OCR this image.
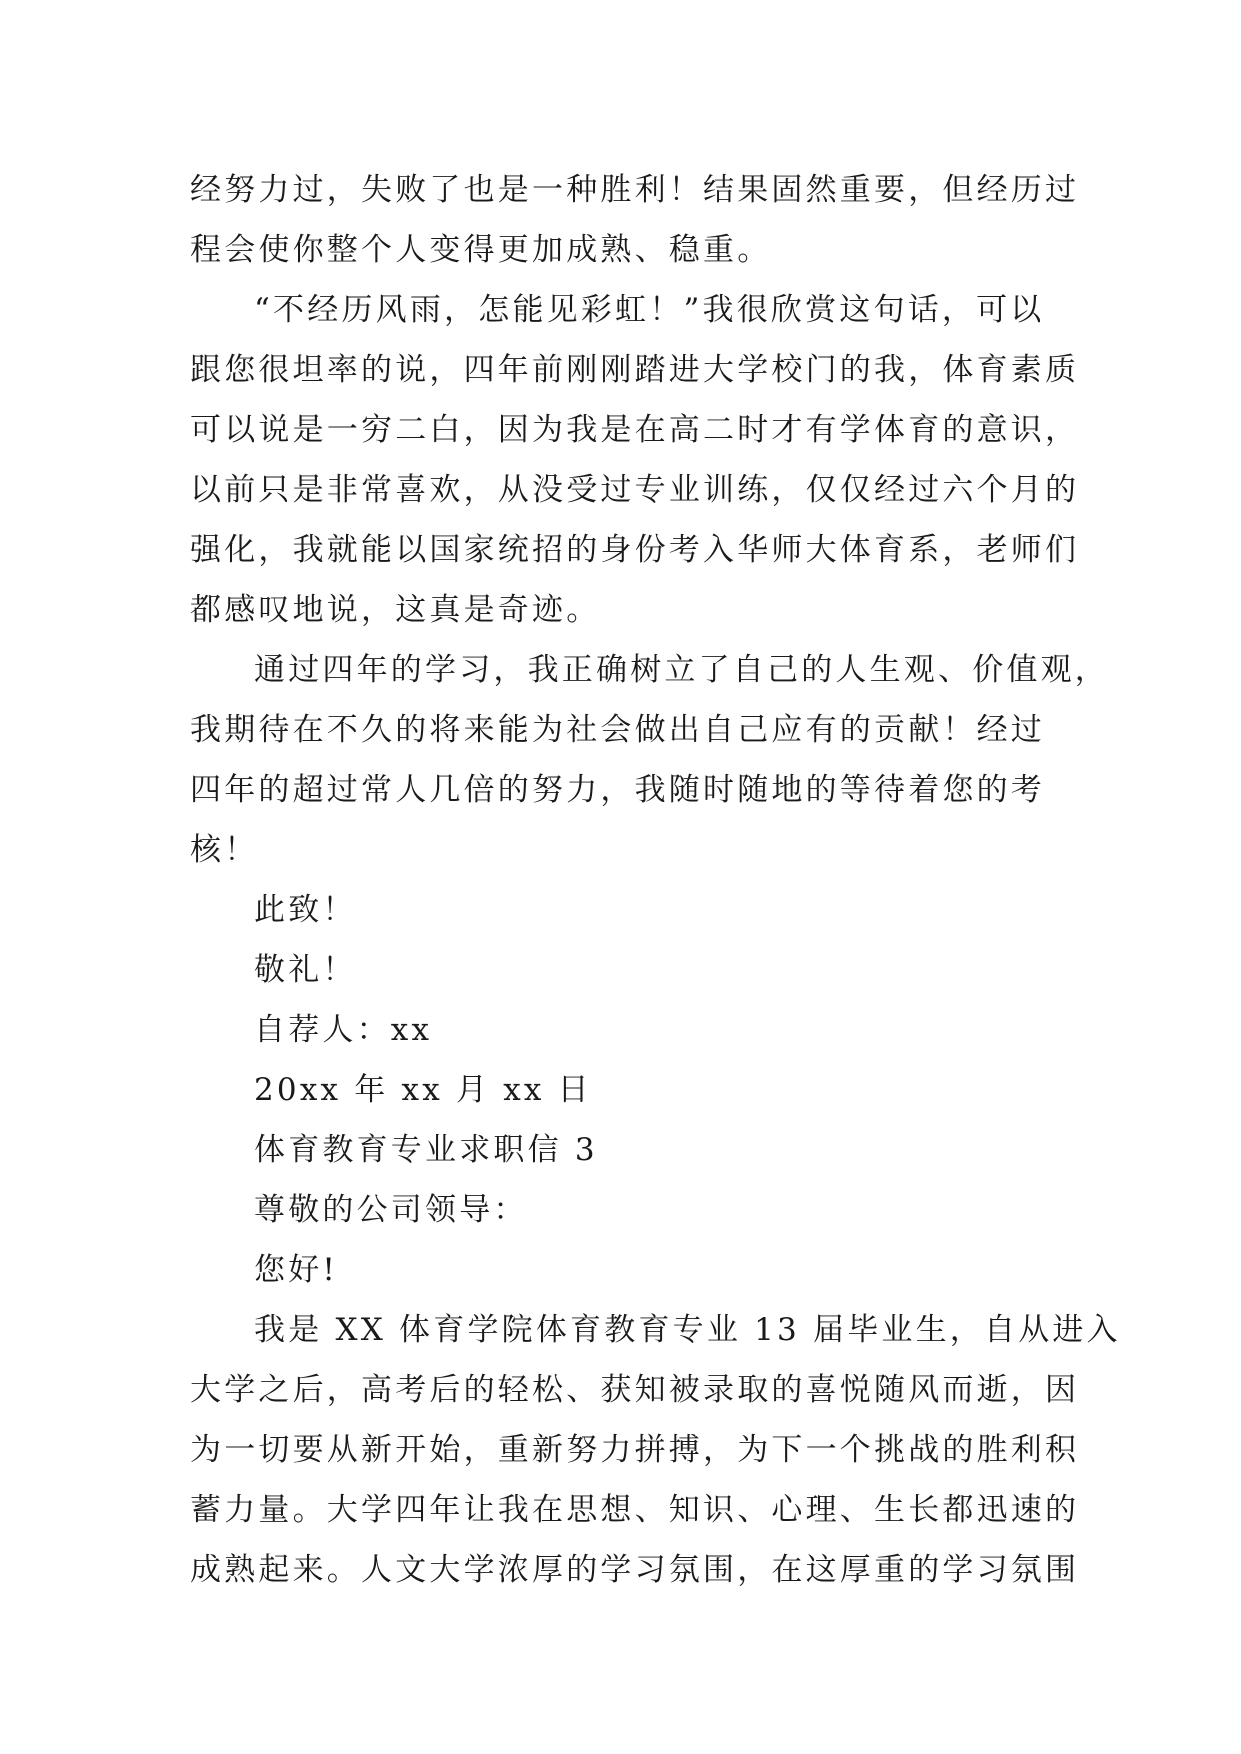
经努力过，失败了也是一种胜利！结果固然重要，但经历过

程会使你整个人变得更加成熟、稳重。

“不经历风雨，怎能见彩虹！”我很欣赏这句话，可以

跟您很坦率的说，四年前刚刚踏进大学校门的我，体育素质

可以说是一穷二白，因为我是在高二时才有学体育的意识，

以前只是非常喜欢，从没受过专业训练，仅仅经过六个月的

强化，我就能以国家统招的身份考入华师大体育系，老师们

都感叹地说，这真是奇迹。

通过四年的学习，我正确树立了自己的人生观、价值观，

我期待在不久的将来能为社会做出自己应有的贡献！经过

四年的超过常人几倍的努力，我随时随地的等待着您的考

核！

此致！

敬礼！

自荐人：xx

20xx 年 xx 月 xx 日

体育教育专业求职信 3

尊敬的公司领导：

您好!

我是 XX 体育学院体育教育专业 13 届毕业生，自从进入

大学之后，高考后的轻松、获知被录取的喜悦随风而逝，因

为一切要从新开始，重新努力拼搏，为下一个挑战的胜利积

蓄力量。大学四年让我在思想、知识、心理、生长都迅速的

成熟起来。人文大学浓厚的学习氛围，在这厚重的学习氛围
